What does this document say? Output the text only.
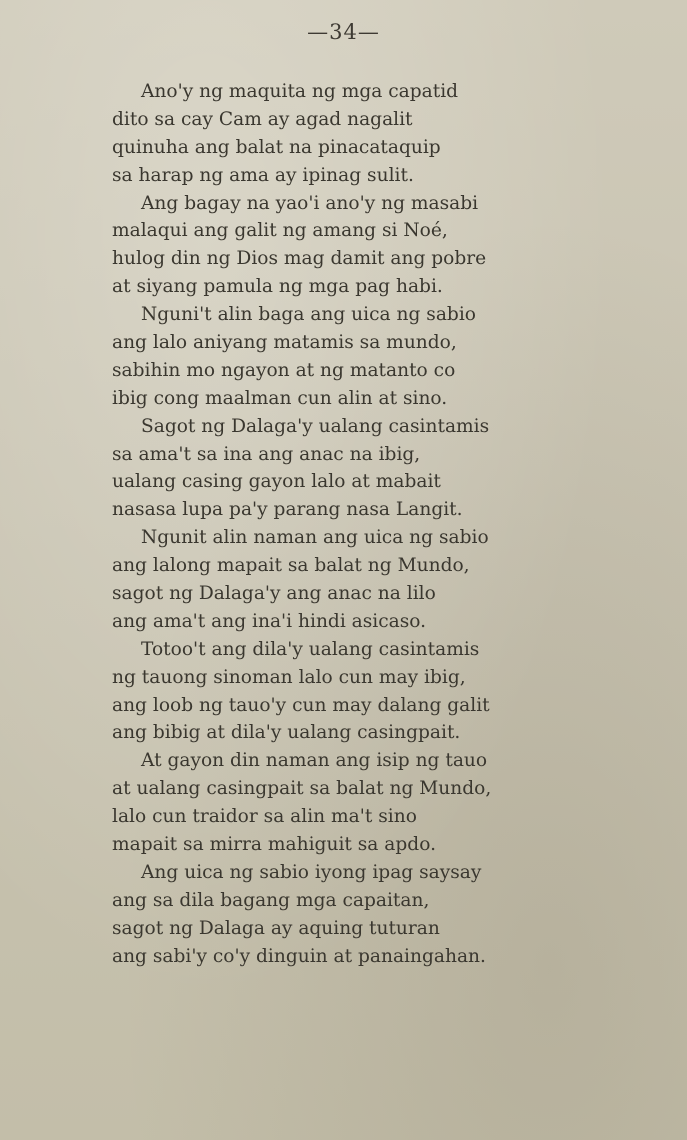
—34—
Ano'y ng maquita ng mga capatid
dito sa cay Cam ay agad nagalit
quinuha ang balat na pinacataquip
sa harap ng ama ay ipinag sulit.
Ang bagay na yao'i ano'y ng masabi
malaqui ang galit ng amang si Noé,
hulog din ng Dios mag damit ang pobre
at siyang pamula ng mga pag habi.
Nguni't alin baga ang uica ng sabio
ang lalo aniyang matamis sa mundo,
sabihin mo ngayon at ng matanto co
ibig cong maalman cun alin at sino.
Sagot ng Dalaga'y ualang casintamis
sa ama't sa ina ang anac na ibig,
ualang casing gayon lalo at mabait
nasasa lupa pa'y parang nasa Langit.
Ngunit alin naman ang uica ng sabio
ang lalong mapait sa balat ng Mundo,
sagot ng Dalaga'y ang anac na lilo
ang ama't ang ina'i hindi asicaso.
Totoo't ang dila'y ualang casintamis
ng tauong sinoman lalo cun may ibig,
ang loob ng tauo'y cun may dalang galit
ang bibig at dila'y ualang casingpait.
At gayon din naman ang isip ng tauo
at ualang casingpait sa balat ng Mundo,
lalo cun traidor sa alin ma't sino
mapait sa mirra mahiguit sa apdo.
Ang uica ng sabio iyong ipag saysay
ang sa dila bagang mga capaitan,
sagot ng Dalaga ay aquing tuturan
ang sabi'y co'y dinguin at panaingahan.
